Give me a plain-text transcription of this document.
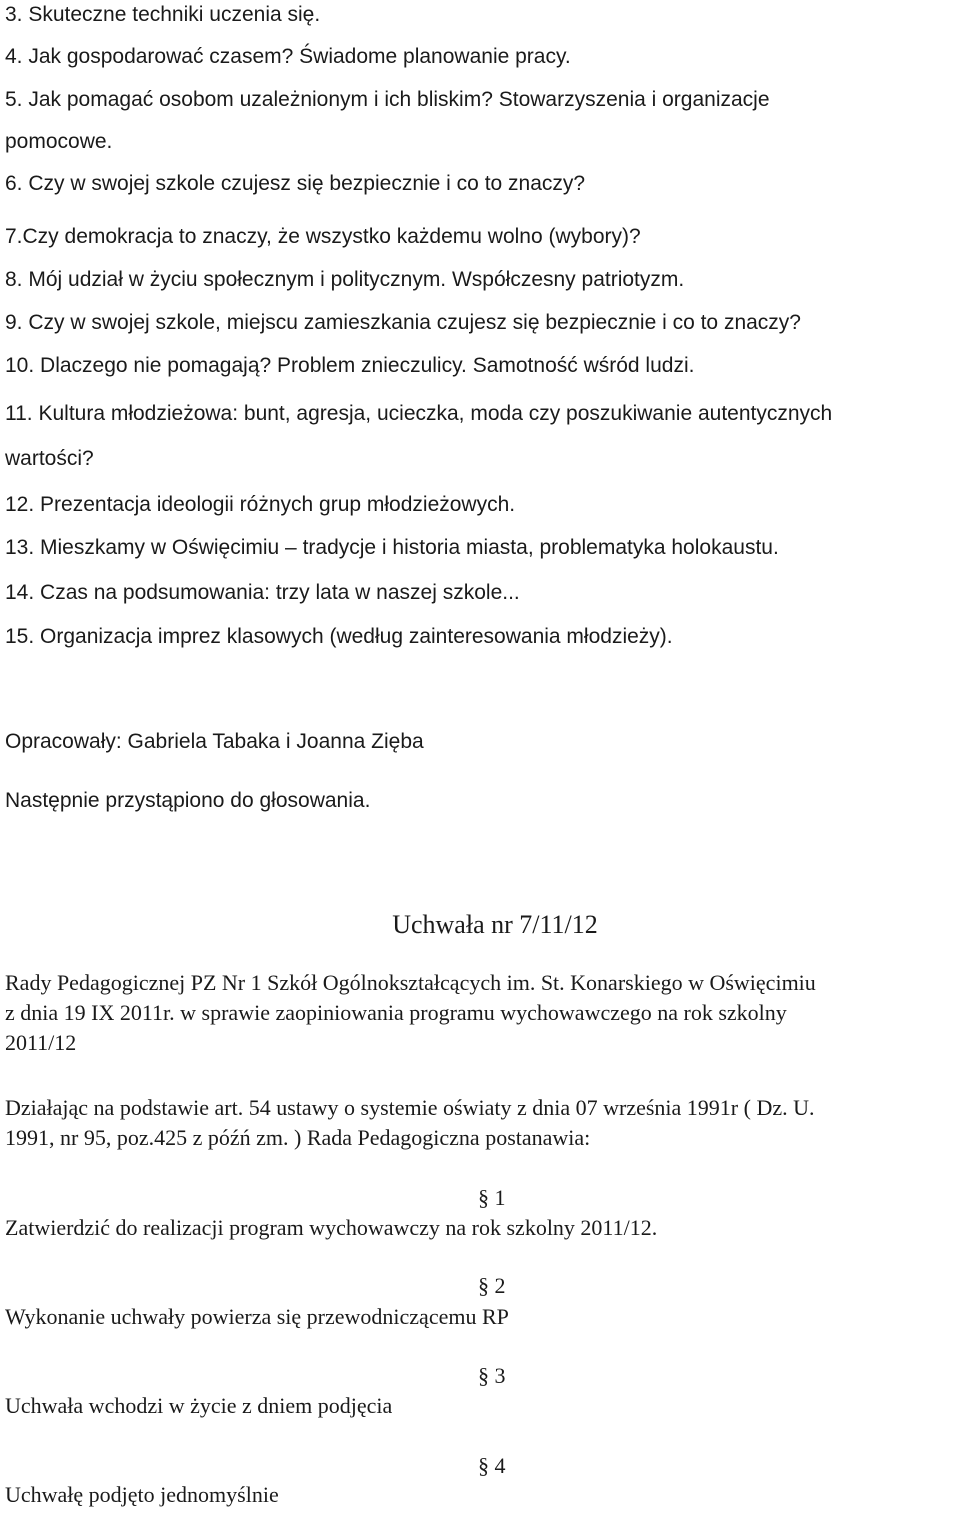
3. Skuteczne techniki uczenia się.
4. Jak gospodarować czasem? Świadome planowanie pracy.
5. Jak pomagać osobom uzależnionym i ich bliskim? Stowarzyszenia i organizacje
pomocowe.
6. Czy w swojej szkole czujesz się bezpiecznie i co to znaczy?
7.Czy demokracja to znaczy, że wszystko każdemu wolno (wybory)?
8. Mój udział w życiu społecznym i politycznym. Współczesny patriotyzm.
9. Czy w swojej szkole, miejscu zamieszkania czujesz się bezpiecznie i co to znaczy?
10. Dlaczego nie pomagają? Problem znieczulicy. Samotność wśród ludzi.
11. Kultura młodzieżowa: bunt, agresja, ucieczka, moda czy poszukiwanie autentycznych
wartości?
12. Prezentacja ideologii różnych grup młodzieżowych.
13. Mieszkamy w Oświęcimiu – tradycje i historia miasta, problematyka holokaustu.
14. Czas na podsumowania: trzy lata w naszej szkole...
15. Organizacja imprez klasowych (według zainteresowania młodzieży).
Opracowały: Gabriela Tabaka i Joanna Zięba
Następnie przystąpiono do głosowania.
Uchwała nr 7/11/12
Rady Pedagogicznej PZ Nr 1 Szkół Ogólnokształcących im. St. Konarskiego w Oświęcimiu
z dnia 19 IX 2011r. w sprawie zaopiniowania programu wychowawczego na rok szkolny
2011/12
Działając na podstawie art. 54 ustawy o systemie oświaty z dnia 07 września 1991r ( Dz. U.
1991, nr 95, poz.425 z późń zm. ) Rada Pedagogiczna postanawia:
§ 1
Zatwierdzić do realizacji program wychowawczy na rok szkolny 2011/12.
§ 2
Wykonanie uchwały powierza się przewodniczącemu RP
§ 3
Uchwała wchodzi w życie z dniem podjęcia
§ 4
Uchwałę podjęto jednomyślnie
